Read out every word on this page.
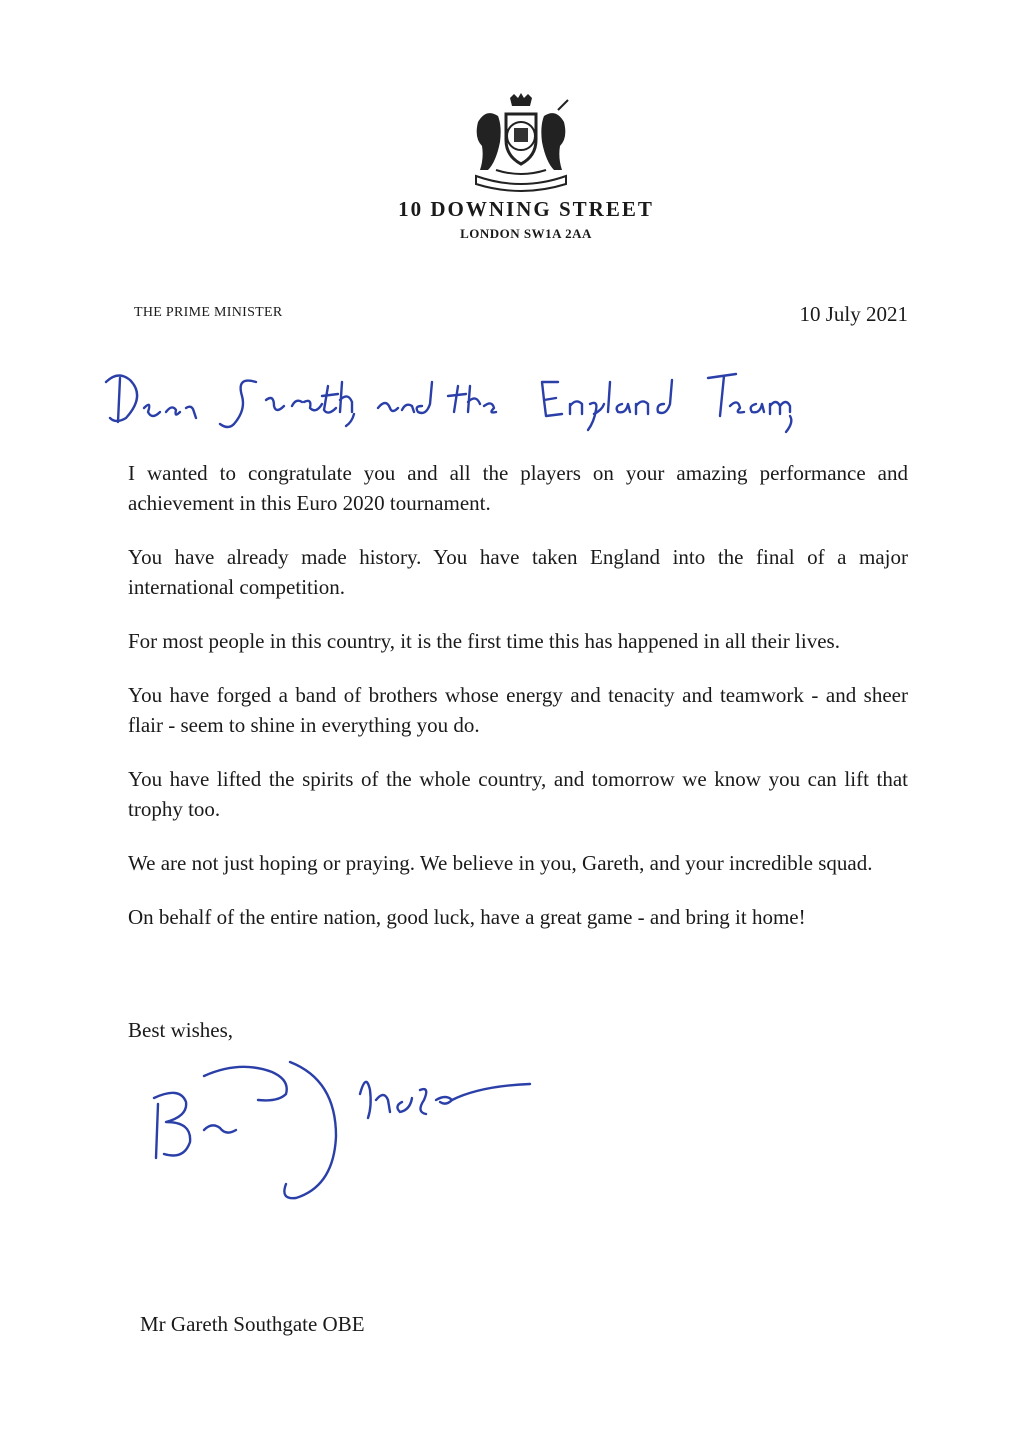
10 DOWNING STREET
LONDON SW1A 2AA
THE PRIME MINISTER	10 July 2021
Dear Gareth, and the England Team,

I wanted to congratulate you and all the players on your amazing performance and achievement in this Euro 2020 tournament.

You have already made history. You have taken England into the final of a major international competition.

For most people in this country, it is the first time this has happened in all their lives.

You have forged a band of brothers whose energy and tenacity and teamwork - and sheer flair - seem to shine in everything you do.

You have lifted the spirits of the whole country, and tomorrow we know you can lift that trophy too.

We are not just hoping or praying. We believe in you, Gareth, and your incredible squad.

On behalf of the entire nation, good luck, have a great game - and bring it home!

Best wishes,
Boris Johnson
Mr Gareth Southgate OBE
